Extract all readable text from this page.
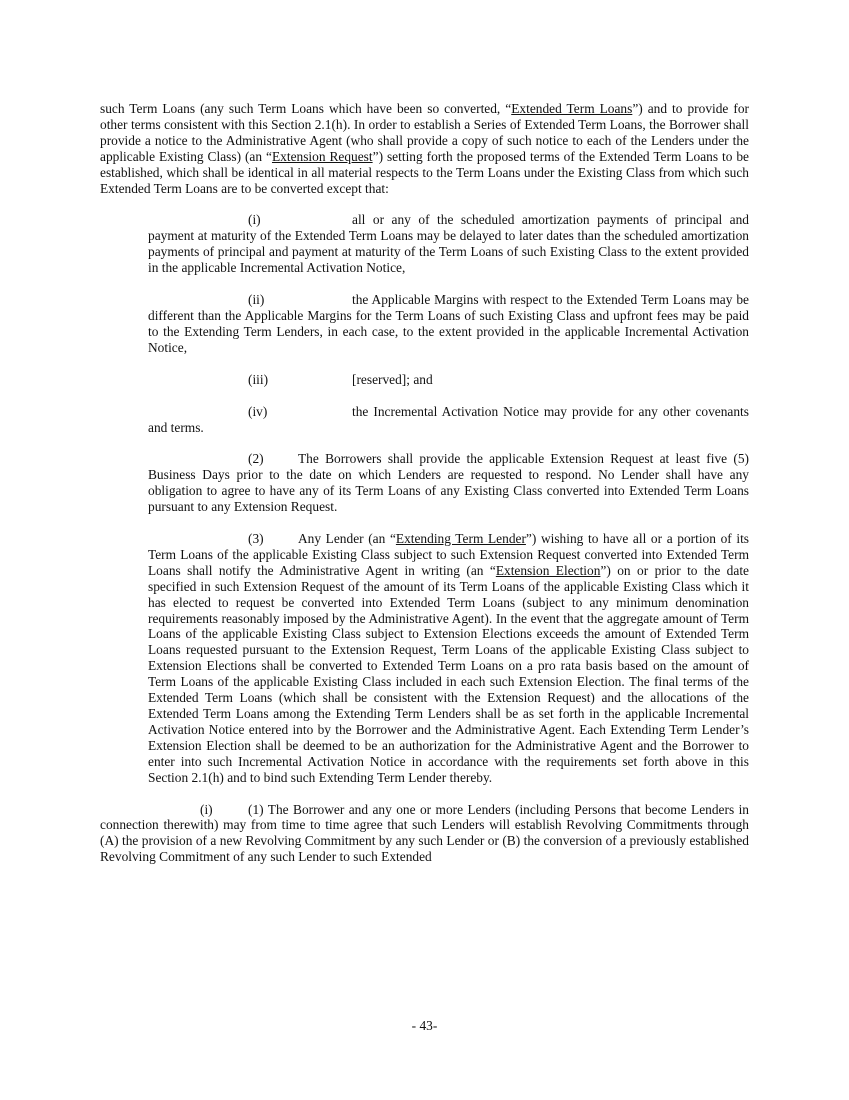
such Term Loans (any such Term Loans which have been so converted, “Extended Term Loans”) and to provide for other terms consistent with this Section 2.1(h). In order to establish a Series of Extended Term Loans, the Borrower shall provide a notice to the Administrative Agent (who shall provide a copy of such notice to each of the Lenders under the applicable Existing Class) (an “Extension Request”) setting forth the proposed terms of the Extended Term Loans to be established, which shall be identical in all material respects to the Term Loans under the Existing Class from which such Extended Term Loans are to be converted except that:

(i)	all or any of the scheduled amortization payments of principal and payment at maturity of the Extended Term Loans may be delayed to later dates than the scheduled amortization payments of principal and payment at maturity of the Term Loans of such Existing Class to the extent provided in the applicable Incremental Activation Notice,

(ii)	the Applicable Margins with respect to the Extended Term Loans may be different than the Applicable Margins for the Term Loans of such Existing Class and upfront fees may be paid to the Extending Term Lenders, in each case, to the extent provided in the applicable Incremental Activation Notice,

(iii)	[reserved]; and

(iv)	the Incremental Activation Notice may provide for any other covenants and terms.

(2)	The Borrowers shall provide the applicable Extension Request at least five (5) Business Days prior to the date on which Lenders are requested to respond. No Lender shall have any obligation to agree to have any of its Term Loans of any Existing Class converted into Extended Term Loans pursuant to any Extension Request.

(3)	Any Lender (an “Extending Term Lender”) wishing to have all or a portion of its Term Loans of the applicable Existing Class subject to such Extension Request converted into Extended Term Loans shall notify the Administrative Agent in writing (an “Extension Election”) on or prior to the date specified in such Extension Request of the amount of its Term Loans of the applicable Existing Class which it has elected to request be converted into Extended Term Loans (subject to any minimum denomination requirements reasonably imposed by the Administrative Agent). In the event that the aggregate amount of Term Loans of the applicable Existing Class subject to Extension Elections exceeds the amount of Extended Term Loans requested pursuant to the Extension Request, Term Loans of the applicable Existing Class subject to Extension Elections shall be converted to Extended Term Loans on a pro rata basis based on the amount of Term Loans of the applicable Existing Class included in each such Extension Election. The final terms of the Extended Term Loans (which shall be consistent with the Extension Request) and the allocations of the Extended Term Loans among the Extending Term Lenders shall be as set forth in the applicable Incremental Activation Notice entered into by the Borrower and the Administrative Agent. Each Extending Term Lender’s Extension Election shall be deemed to be an authorization for the Administrative Agent and the Borrower to enter into such Incremental Activation Notice in accordance with the requirements set forth above in this Section 2.1(h) and to bind such Extending Term Lender thereby.

(i)	(1) The Borrower and any one or more Lenders (including Persons that become Lenders in connection therewith) may from time to time agree that such Lenders will establish Revolving Commitments through (A) the provision of a new Revolving Commitment by any such Lender or (B) the conversion of a previously established Revolving Commitment of any such Lender to such Extended

- 43-
